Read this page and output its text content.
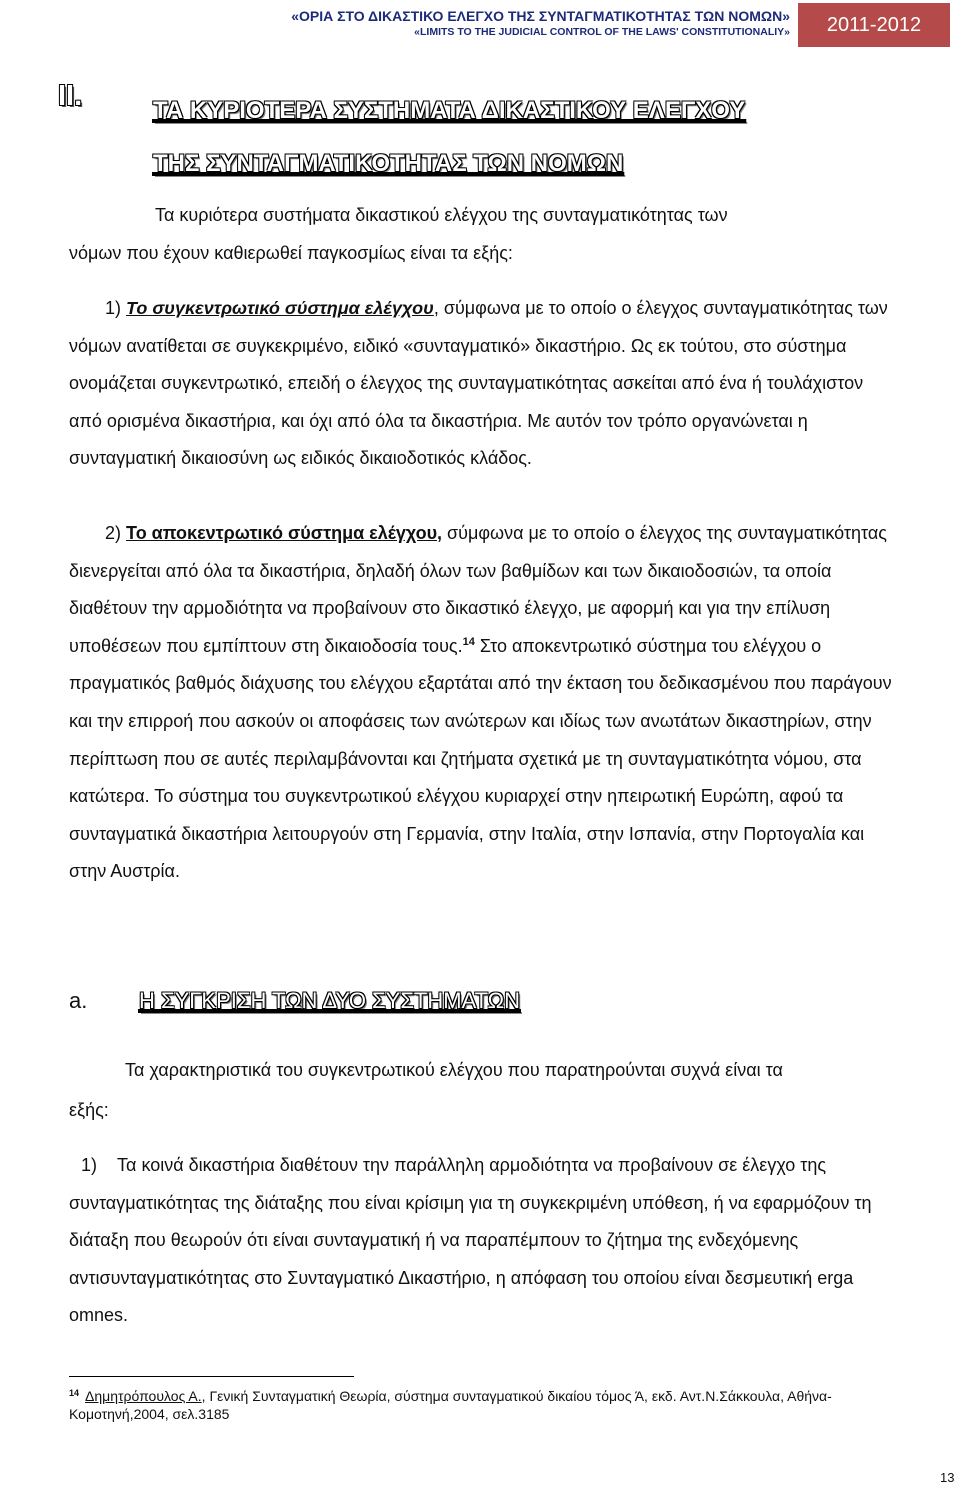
«ΟΡΙΑ ΣΤΟ ΔΙΚΑΣΤΙΚΟ ΕΛΕΓΧΟ ΤΗΣ ΣΥΝΤΑΓΜΑΤΙΚΟΤΗΤΑΣ ΤΩΝ ΝΟΜΩΝ»
«LIMITS TO THE JUDICIAL CONTROL OF THE LAWS' CONSTITUTIONALIY»	2011-2012
II.	ΤΑ ΚΥΡΙΟΤΕΡΑ ΣΥΣΤΗΜΑΤΑ ΔΙΚΑΣΤΙΚΟΥ ΕΛΕΓΧΟΥ
ΤΗΣ ΣΥΝΤΑΓΜΑΤΙΚΟΤΗΤΑΣ ΤΩΝ ΝΟΜΩΝ
Τα κυριότερα συστήματα δικαστικού ελέγχου της συνταγματικότητας των
νόμων που έχουν καθιερωθεί παγκοσμίως είναι τα εξής:
1) Το συγκεντρωτικό σύστημα ελέγχου, σύμφωνα με το οποίο ο έλεγχος συνταγματικότητας των νόμων ανατίθεται σε συγκεκριμένο, ειδικό «συνταγματικό» δικαστήριο. Ως εκ τούτου, στο σύστημα ονομάζεται συγκεντρωτικό, επειδή ο έλεγχος της συνταγματικότητας ασκείται από ένα ή τουλάχιστον από ορισμένα δικαστήρια, και όχι από όλα τα δικαστήρια. Με αυτόν τον τρόπο οργανώνεται η συνταγματική δικαιοσύνη ως ειδικός δικαιοδοτικός κλάδος.
2) Το αποκεντρωτικό σύστημα ελέγχου, σύμφωνα με το οποίο ο έλεγχος της συνταγματικότητας διενεργείται από όλα τα δικαστήρια, δηλαδή όλων των βαθμίδων και των δικαιοδοσιών, τα οποία διαθέτουν την αρμοδιότητα να προβαίνουν στο δικαστικό έλεγχο, με αφορμή και για την επίλυση υποθέσεων που εμπίπτουν στη δικαιοδοσία τους.$^{14}$ Στο αποκεντρωτικό σύστημα του ελέγχου ο πραγματικός βαθμός διάχυσης του ελέγχου εξαρτάται από την έκταση του δεδικασμένου που παράγουν και την επιρροή που ασκούν οι αποφάσεις των ανώτερων και ιδίως των ανωτάτων δικαστηρίων, στην περίπτωση που σε αυτές περιλαμβάνονται και ζητήματα σχετικά με τη συνταγματικότητα νόμου, στα κατώτερα. Το σύστημα του συγκεντρωτικού ελέγχου κυριαρχεί στην ηπειρωτική Ευρώπη, αφού τα συνταγματικά δικαστήρια λειτουργούν στη Γερμανία, στην Ιταλία, στην Ισπανία, στην Πορτογαλία και στην Αυστρία.
a. Η ΣΥΓΚΡΙΣΗ ΤΩΝ ΔΥΟ ΣΥΣΤΗΜΑΤΩΝ
Τα χαρακτηριστικά του συγκεντρωτικού ελέγχου που παρατηρούνται συχνά είναι τα
εξής:
1) Τα κοινά δικαστήρια διαθέτουν την παράλληλη αρμοδιότητα να προβαίνουν σε έλεγχο της συνταγματικότητας της διάταξης που είναι κρίσιμη για τη συγκεκριμένη υπόθεση, ή να εφαρμόζουν τη διάταξη που θεωρούν ότι είναι συνταγματική ή να παραπέμπουν το ζήτημα της ενδεχόμενης αντισυνταγματικότητας στο Συνταγματικό Δικαστήριο, η απόφαση του οποίου είναι δεσμευτική erga omnes.
$^{14}$ Δημητρόπουλος Α., Γενική Συνταγματική Θεωρία, σύστημα συνταγματικού δικαίου τόμος Ά, εκδ. Αντ.Ν.Σάκκουλα, Αθήνα-Κομοτηνή,2004, σελ.3185
13
